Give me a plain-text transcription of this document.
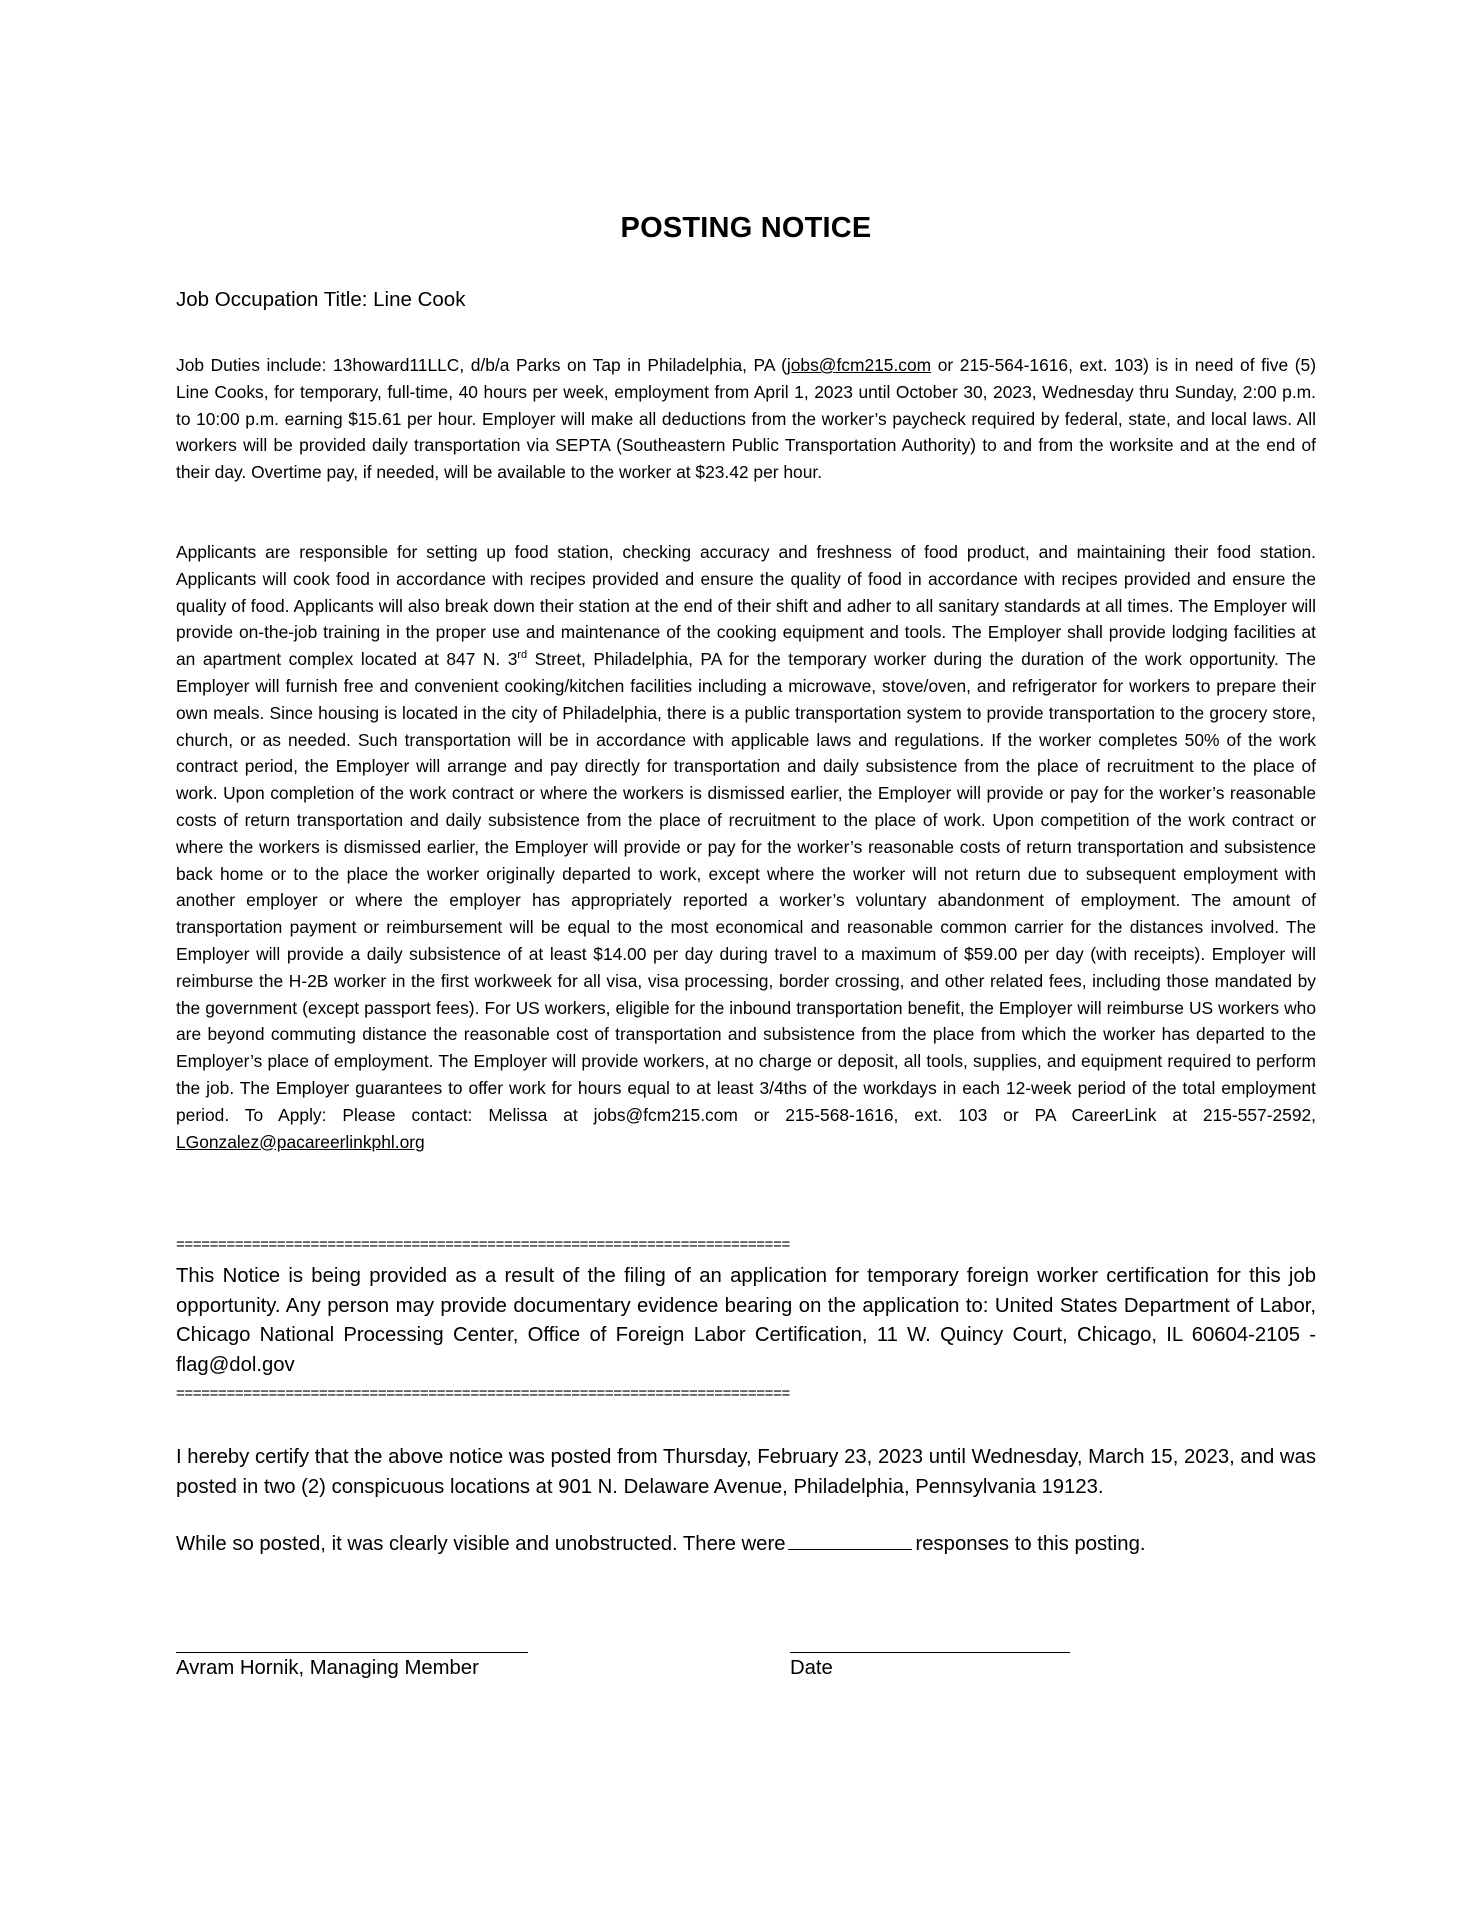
POSTING NOTICE
Job Occupation Title: Line Cook

Job Duties include: 13howard11LLC, d/b/a Parks on Tap in Philadelphia, PA (jobs@fcm215.com or 215-564-1616, ext. 103) is in need of five (5) Line Cooks, for temporary, full-time, 40 hours per week, employment from April 1, 2023 until October 30, 2023, Wednesday thru Sunday, 2:00 p.m. to 10:00 p.m. earning $15.61 per hour. Employer will make all deductions from the worker’s paycheck required by federal, state, and local laws. All workers will be provided daily transportation via SEPTA (Southeastern Public Transportation Authority) to and from the worksite and at the end of their day. Overtime pay, if needed, will be available to the worker at $23.42 per hour.

Applicants are responsible for setting up food station, checking accuracy and freshness of food product, and maintaining their food station. Applicants will cook food in accordance with recipes provided and ensure the quality of food in accordance with recipes provided and ensure the quality of food. Applicants will also break down their station at the end of their shift and adher to all sanitary standards at all times. The Employer will provide on-the-job training in the proper use and maintenance of the cooking equipment and tools. The Employer shall provide lodging facilities at an apartment complex located at 847 N. 3rd Street, Philadelphia, PA for the temporary worker during the duration of the work opportunity. The Employer will furnish free and convenient cooking/kitchen facilities including a microwave, stove/oven, and refrigerator for workers to prepare their own meals. Since housing is located in the city of Philadelphia, there is a public transportation system to provide transportation to the grocery store, church, or as needed. Such transportation will be in accordance with applicable laws and regulations. If the worker completes 50% of the work contract period, the Employer will arrange and pay directly for transportation and daily subsistence from the place of recruitment to the place of work. Upon completion of the work contract or where the workers is dismissed earlier, the Employer will provide or pay for the worker’s reasonable costs of return transportation and daily subsistence from the place of recruitment to the place of work. Upon competition of the work contract or where the workers is dismissed earlier, the Employer will provide or pay for the worker’s reasonable costs of return transportation and subsistence back home or to the place the worker originally departed to work, except where the worker will not return due to subsequent employment with another employer or where the employer has appropriately reported a worker’s voluntary abandonment of employment. The amount of transportation payment or reimbursement will be equal to the most economical and reasonable common carrier for the distances involved. The Employer will provide a daily subsistence of at least $14.00 per day during travel to a maximum of $59.00 per day (with receipts). Employer will reimburse the H-2B worker in the first workweek for all visa, visa processing, border crossing, and other related fees, including those mandated by the government (except passport fees). For US workers, eligible for the inbound transportation benefit, the Employer will reimburse US workers who are beyond commuting distance the reasonable cost of transportation and subsistence from the place from which the worker has departed to the Employer’s place of employment. The Employer will provide workers, at no charge or deposit, all tools, supplies, and equipment required to perform the job. The Employer guarantees to offer work for hours equal to at least 3/4ths of the workdays in each 12-week period of the total employment period. To Apply: Please contact: Melissa at jobs@fcm215.com or 215-568-1616, ext. 103 or PA CareerLink at 215-557-2592, LGonzalez@pacareerlinkphl.org

=========================================================================

This Notice is being provided as a result of the filing of an application for temporary foreign worker certification for this job opportunity. Any person may provide documentary evidence bearing on the application to: United States Department of Labor, Chicago National Processing Center, Office of Foreign Labor Certification, 11 W. Quincy Court, Chicago, IL 60604-2105 - flag@dol.gov

=========================================================================

I hereby certify that the above notice was posted from Thursday, February 23, 2023 until Wednesday, March 15, 2023, and was posted in two (2) conspicuous locations at 901 N. Delaware Avenue, Philadelphia, Pennsylvania 19123.

While so posted, it was clearly visible and unobstructed. There were	responses to this posting.
Avram Hornik, Managing Member	Date
